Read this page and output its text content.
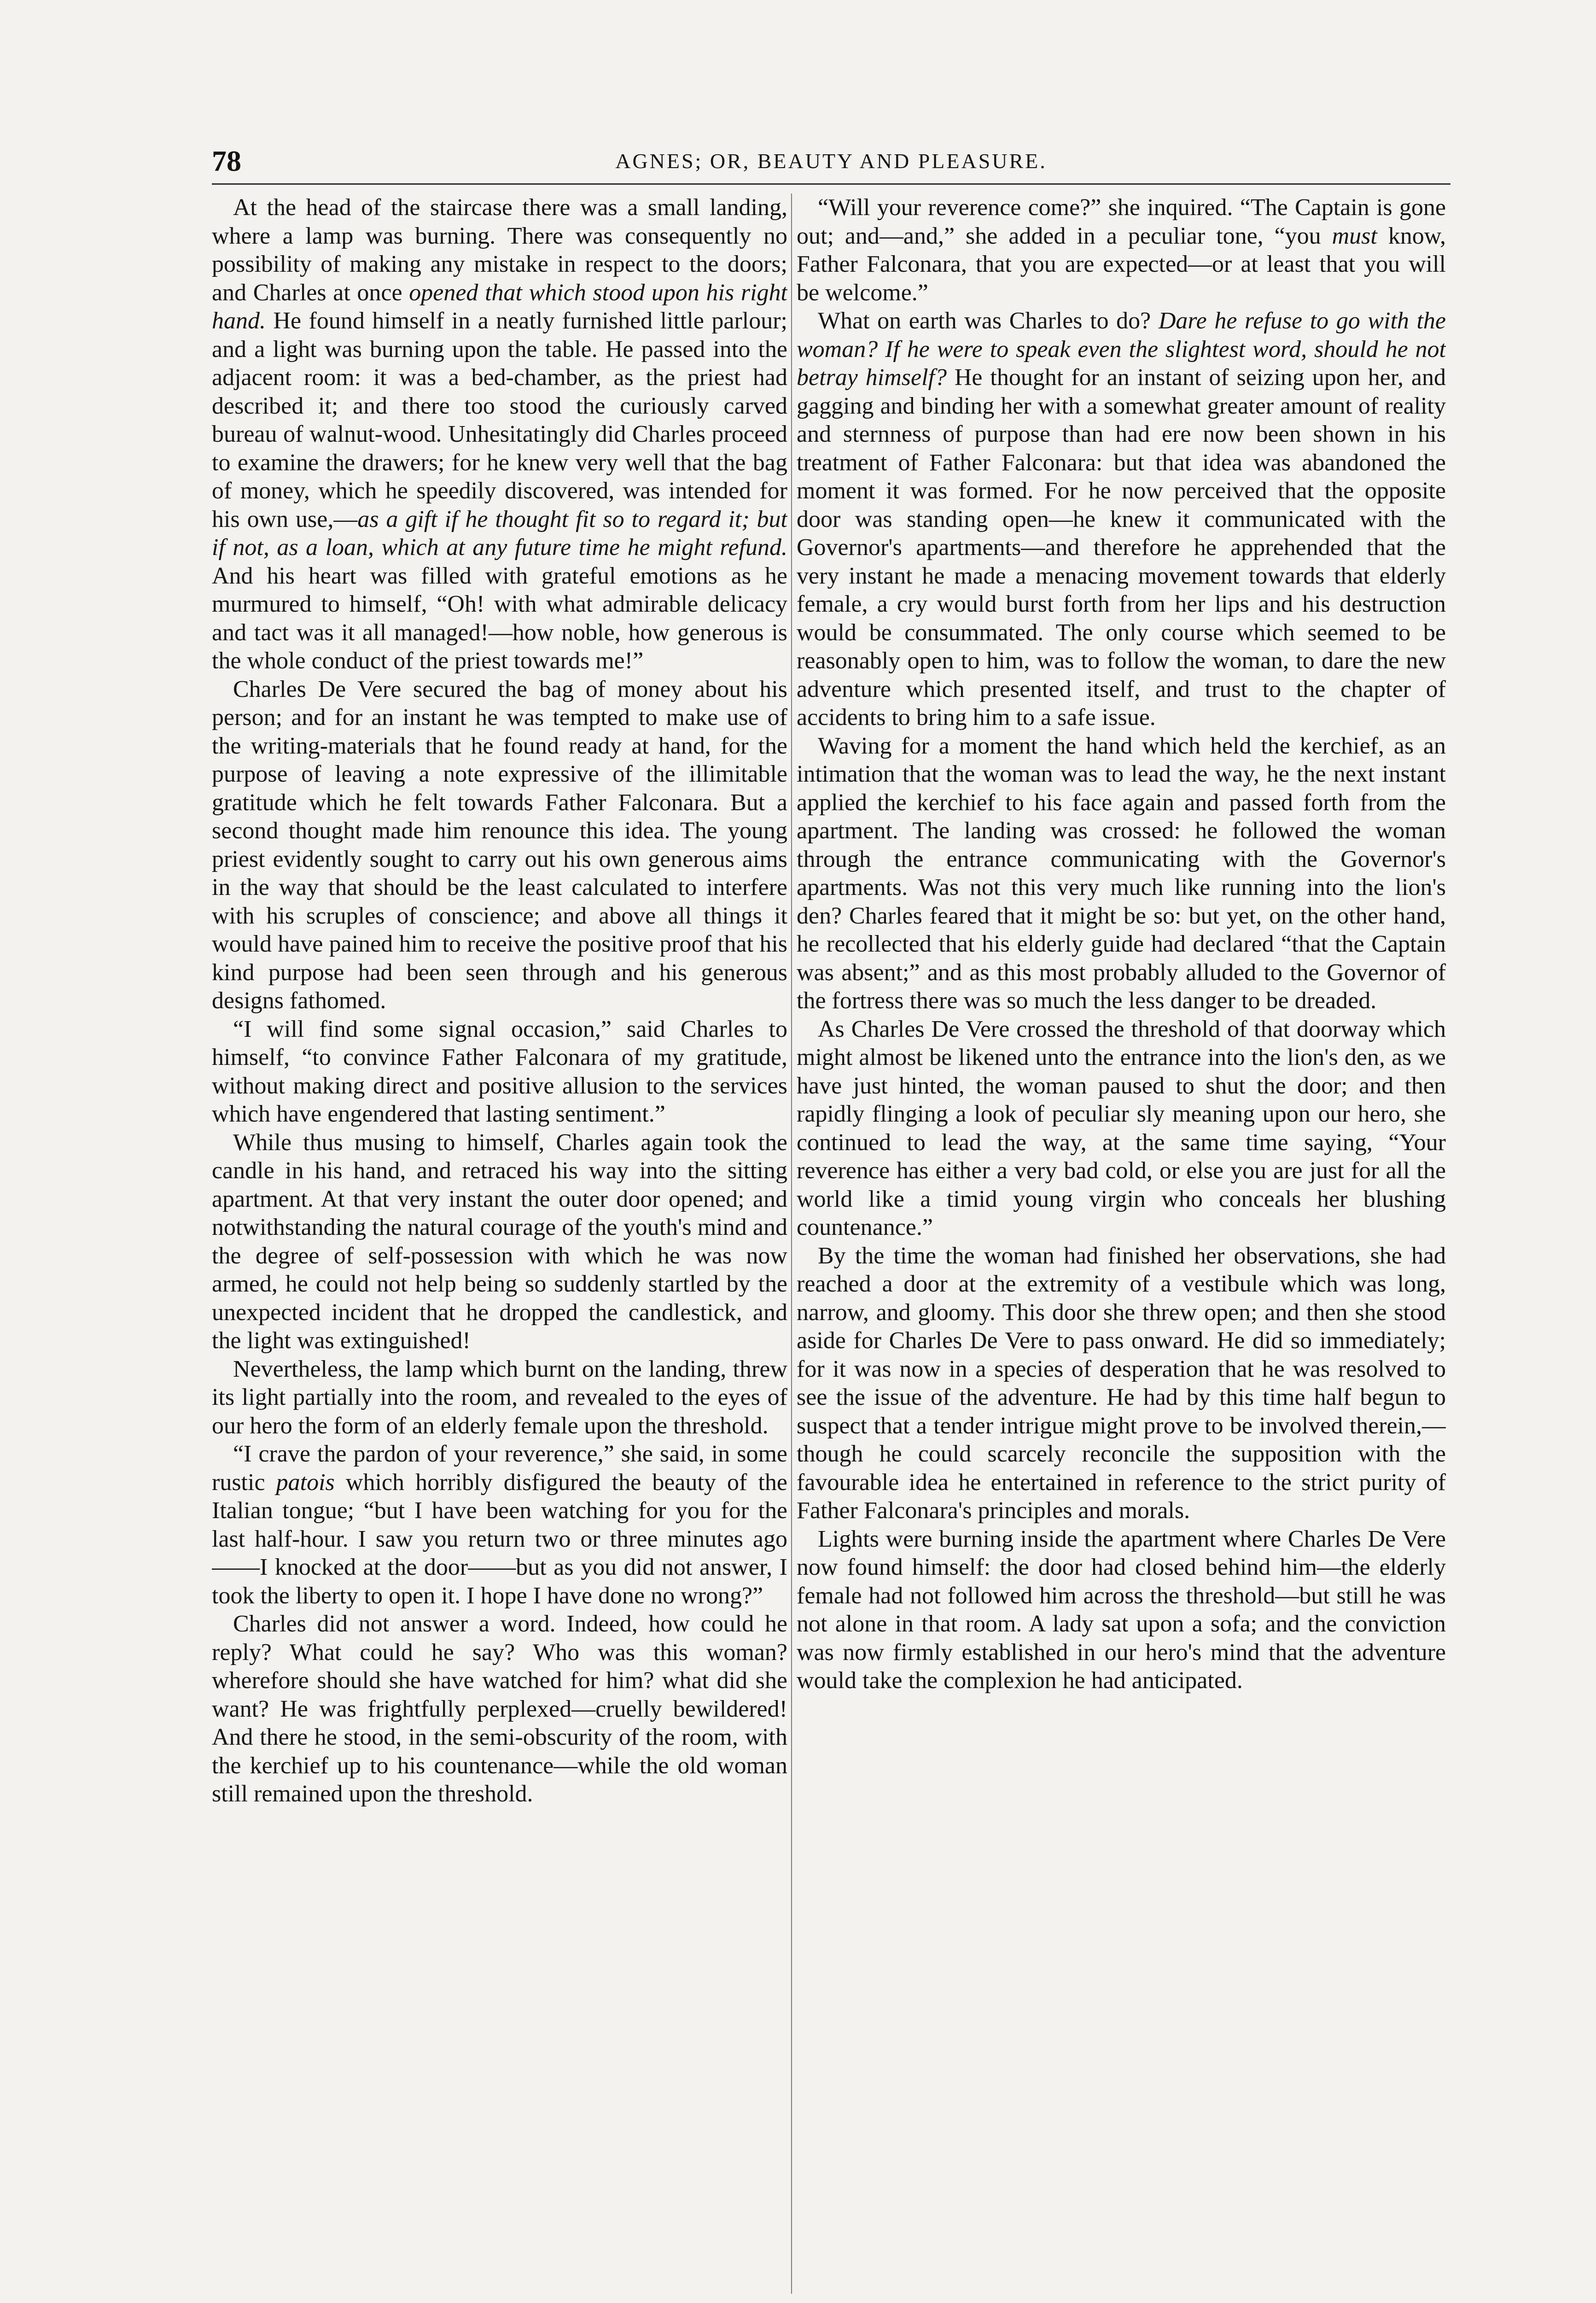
78	AGNES; OR, BEAUTY AND PLEASURE.

At the head of the staircase there was a small landing, where a lamp was burning. There was consequently no possibility of making any mistake in respect to the doors; and Charles at once opened that which stood upon his right hand. He found himself in a neatly furnished little parlour; and a light was burning upon the table. He passed into the adjacent room: it was a bed-chamber, as the priest had described it; and there too stood the curiously carved bureau of walnut-wood. Unhesitatingly did Charles proceed to examine the drawers; for he knew very well that the bag of money, which he speedily discovered, was intended for his own use,—as a gift if he thought fit so to regard it; but if not, as a loan, which at any future time he might refund. And his heart was filled with grateful emotions as he murmured to himself, “Oh! with what admirable delicacy and tact was it all managed!—how noble, how generous is the whole conduct of the priest towards me!”

Charles De Vere secured the bag of money about his person; and for an instant he was tempted to make use of the writing-materials that he found ready at hand, for the purpose of leaving a note expressive of the illimitable gratitude which he felt towards Father Falconara. But a second thought made him renounce this idea. The young priest evidently sought to carry out his own generous aims in the way that should be the least calculated to interfere with his scruples of conscience; and above all things it would have pained him to receive the positive proof that his kind purpose had been seen through and his generous designs fathomed.

“I will find some signal occasion,” said Charles to himself, “to convince Father Falconara of my gratitude, without making direct and positive allusion to the services which have engendered that lasting sentiment.”

While thus musing to himself, Charles again took the candle in his hand, and retraced his way into the sitting apartment. At that very instant the outer door opened; and notwithstanding the natural courage of the youth's mind and the degree of self-possession with which he was now armed, he could not help being so suddenly startled by the unexpected incident that he dropped the candlestick, and the light was extinguished!

Nevertheless, the lamp which burnt on the landing, threw its light partially into the room, and revealed to the eyes of our hero the form of an elderly female upon the threshold.

“I crave the pardon of your reverence,” she said, in some rustic patois which horribly disfigured the beauty of the Italian tongue; “but I have been watching for you for the last half-hour. I saw you return two or three minutes ago——I knocked at the door——but as you did not answer, I took the liberty to open it. I hope I have done no wrong?”

Charles did not answer a word. Indeed, how could he reply? What could he say? Who was this woman? wherefore should she have watched for him? what did she want? He was frightfully perplexed—cruelly bewildered! And there he stood, in the semi-obscurity of the room, with the kerchief up to his countenance—while the old woman still remained upon the threshold.

“Will your reverence come?” she inquired. “The Captain is gone out; and—and,” she added in a peculiar tone, “you must know, Father Falconara, that you are expected—or at least that you will be welcome.”

What on earth was Charles to do? Dare he refuse to go with the woman? If he were to speak even the slightest word, should he not betray himself? He thought for an instant of seizing upon her, and gagging and binding her with a somewhat greater amount of reality and sternness of purpose than had ere now been shown in his treatment of Father Falconara: but that idea was abandoned the moment it was formed. For he now perceived that the opposite door was standing open—he knew it communicated with the Governor's apartments—and therefore he apprehended that the very instant he made a menacing movement towards that elderly female, a cry would burst forth from her lips and his destruction would be consummated. The only course which seemed to be reasonably open to him, was to follow the woman, to dare the new adventure which presented itself, and trust to the chapter of accidents to bring him to a safe issue.

Waving for a moment the hand which held the kerchief, as an intimation that the woman was to lead the way, he the next instant applied the kerchief to his face again and passed forth from the apartment. The landing was crossed: he followed the woman through the entrance communicating with the Governor's apartments. Was not this very much like running into the lion's den? Charles feared that it might be so: but yet, on the other hand, he recollected that his elderly guide had declared “that the Captain was absent;” and as this most probably alluded to the Governor of the fortress there was so much the less danger to be dreaded.

As Charles De Vere crossed the threshold of that doorway which might almost be likened unto the entrance into the lion's den, as we have just hinted, the woman paused to shut the door; and then rapidly flinging a look of peculiar sly meaning upon our hero, she continued to lead the way, at the same time saying, “Your reverence has either a very bad cold, or else you are just for all the world like a timid young virgin who conceals her blushing countenance.”

By the time the woman had finished her observations, she had reached a door at the extremity of a vestibule which was long, narrow, and gloomy. This door she threw open; and then she stood aside for Charles De Vere to pass onward. He did so immediately; for it was now in a species of desperation that he was resolved to see the issue of the adventure. He had by this time half begun to suspect that a tender intrigue might prove to be involved therein,—though he could scarcely reconcile the supposition with the favourable idea he entertained in reference to the strict purity of Father Falconara's principles and morals.

Lights were burning inside the apartment where Charles De Vere now found himself: the door had closed behind him—the elderly female had not followed him across the threshold—but still he was not alone in that room. A lady sat upon a sofa; and the conviction was now firmly established in our hero's mind that the adventure would take the complexion he had anticipated.
